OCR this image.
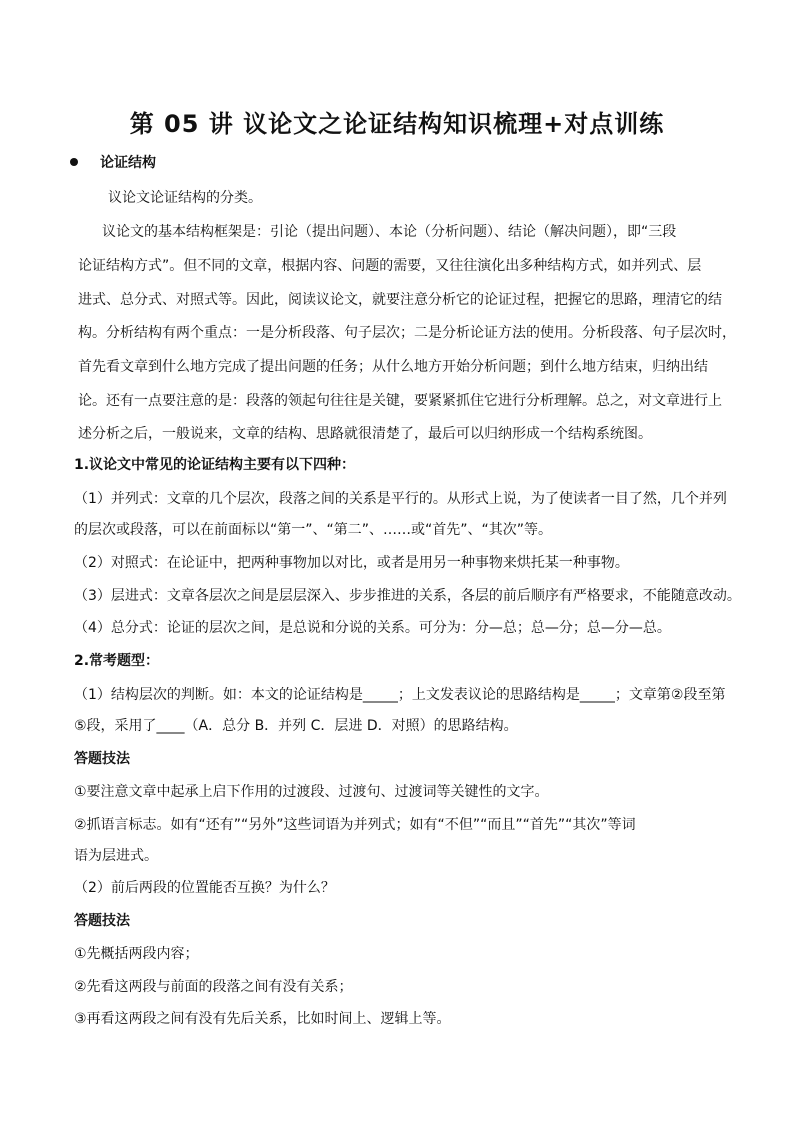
第 05 讲 议论文之论证结构知识梳理+对点训练
论证结构
议论文论证结构的分类。
议论文的基本结构框架是：引论（提出问题）、本论（分析问题）、结论（解决问题），即“三段
论证结构方式”。但不同的文章，根据内容、问题的需要，又往往演化出多种结构方式，如并列式、层
进式、总分式、对照式等。因此，阅读议论文，就要注意分析它的论证过程，把握它的思路，理清它的结
构。分析结构有两个重点：一是分析段落、句子层次；二是分析论证方法的使用。分析段落、句子层次时，
首先看文章到什么地方完成了提出问题的任务；从什么地方开始分析问题；到什么地方结束，归纳出结
论。还有一点要注意的是：段落的领起句往往是关键，要紧紧抓住它进行分析理解。总之，对文章进行上
述分析之后，一般说来，文章的结构、思路就很清楚了，最后可以归纳形成一个结构系统图。
1.议论文中常见的论证结构主要有以下四种：
（1）并列式：文章的几个层次，段落之间的关系是平行的。从形式上说，为了使读者一目了然，几个并列
的层次或段落，可以在前面标以“第一”、“第二”、……或“首先”、“其次”等。
（2）对照式：在论证中，把两种事物加以对比，或者是用另一种事物来烘托某一种事物。
（3）层进式：文章各层次之间是层层深入、步步推进的关系，各层的前后顺序有严格要求，不能随意改动。
（4）总分式：论证的层次之间，是总说和分说的关系。可分为：分—总；总—分；总—分—总。
2.常考题型：
（1）结构层次的判断。如：本文的论证结构是_____；上文发表议论的思路结构是_____；文章第②段至第
⑤段，采用了____（A．总分 B．并列 C．层进 D．对照）的思路结构。
答题技法
①要注意文章中起承上启下作用的过渡段、过渡句、过渡词等关键性的文字。
②抓语言标志。如有“还有”“另外”这些词语为并列式；如有“不但”“而且”“首先”“其次”等词
语为层进式。
（2）前后两段的位置能否互换？为什么？
答题技法
①先概括两段内容；
②先看这两段与前面的段落之间有没有关系；
③再看这两段之间有没有先后关系，比如时间上、逻辑上等。
